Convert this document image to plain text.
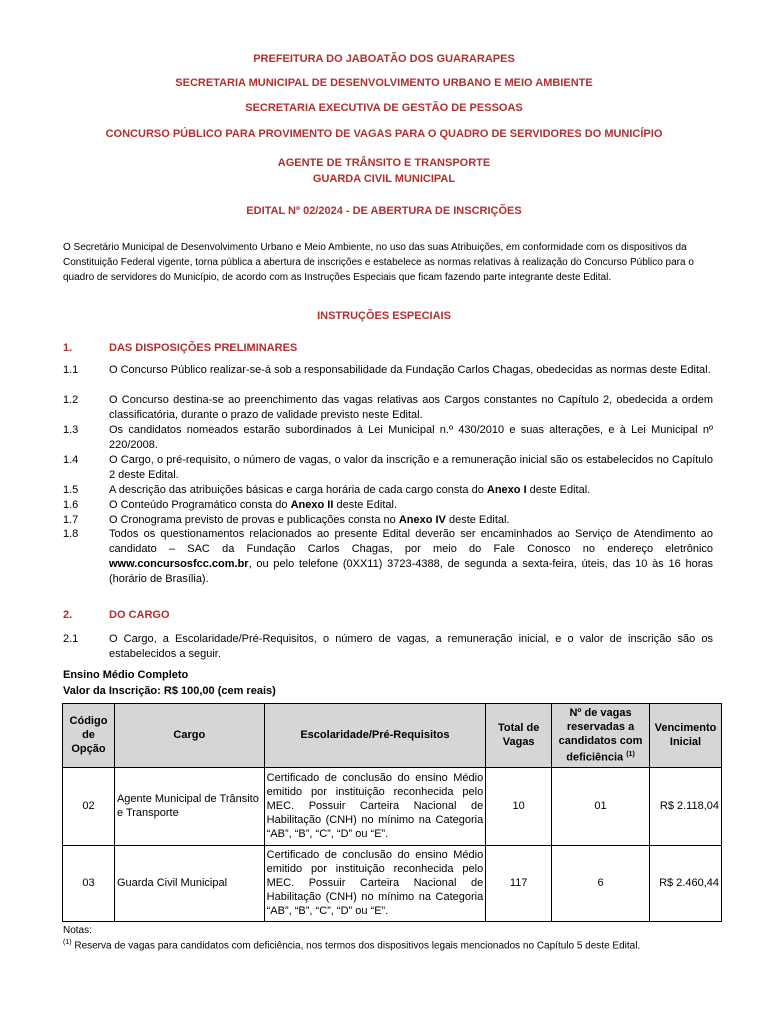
PREFEITURA DO JABOATÃO DOS GUARARAPES
SECRETARIA MUNICIPAL DE DESENVOLVIMENTO URBANO E MEIO AMBIENTE
SECRETARIA EXECUTIVA DE GESTÃO DE PESSOAS
CONCURSO PÚBLICO PARA PROVIMENTO DE VAGAS PARA O QUADRO DE SERVIDORES DO MUNICÍPIO
AGENTE DE TRÂNSITO E TRANSPORTE
GUARDA CIVIL MUNICIPAL
EDITAL Nº 02/2024 - DE ABERTURA DE INSCRIÇÕES
O Secretário Municipal de Desenvolvimento Urbano e Meio Ambiente, no uso das suas Atribuições, em conformidade com os dispositivos da Constituição Federal vigente, torna pública a abertura de inscrições e estabelece as normas relativas à realização do Concurso Público para o quadro de servidores do Município, de acordo com as Instruções Especiais que ficam fazendo parte integrante deste Edital.
INSTRUÇÕES ESPECIAIS
1.	DAS DISPOSIÇÕES PRELIMINARES
1.1	O Concurso Público realizar-se-á sob a responsabilidade da Fundação Carlos Chagas, obedecidas as normas deste Edital.
1.2	O Concurso destina-se ao preenchimento das vagas relativas aos Cargos constantes no Capítulo 2, obedecida a ordem classificatória, durante o prazo de validade previsto neste Edital.
1.3	Os candidatos nomeados estarão subordinados à Lei Municipal n.º 430/2010 e suas alterações, e à Lei Municipal nº 220/2008.
1.4	O Cargo, o pré-requisito, o número de vagas, o valor da inscrição e a remuneração inicial são os estabelecidos no Capítulo 2 deste Edital.
1.5	A descrição das atribuições básicas e carga horária de cada cargo consta do Anexo I deste Edital.
1.6	O Conteúdo Programático consta do Anexo II deste Edital.
1.7	O Cronograma previsto de provas e publicações consta no Anexo IV deste Edital.
1.8	Todos os questionamentos relacionados ao presente Edital deverão ser encaminhados ao Serviço de Atendimento ao candidato – SAC da Fundação Carlos Chagas, por meio do Fale Conosco no endereço eletrônico www.concursosfcc.com.br, ou pelo telefone (0XX11) 3723-4388, de segunda a sexta-feira, úteis, das 10 às 16 horas (horário de Brasília).
2.	DO CARGO
2.1	O Cargo, a Escolaridade/Pré-Requisitos, o número de vagas, a remuneração inicial, e o valor de inscrição são os estabelecidos a seguir.
Ensino Médio Completo
Valor da Inscrição: R$ 100,00 (cem reais)
Código de Opção	Cargo	Escolaridade/Pré-Requisitos	Total de Vagas	Nº de vagas reservadas a candidatos com deficiência $^{(1)}$	Vencimento Inicial
02	Agente Municipal de Trânsito e Transporte	Certificado de conclusão do ensino Médio emitido por instituição reconhecida pelo MEC. Possuir Carteira Nacional de Habilitação (CNH) no mínimo na Categoria “AB”, “B”, “C”, “D” ou “E”.	10	01	R$ 2.118,04
03	Guarda Civil Municipal	Certificado de conclusão do ensino Médio emitido por instituição reconhecida pelo MEC. Possuir Carteira Nacional de Habilitação (CNH) no mínimo na Categoria “AB”, “B”, “C”, “D” ou “E”.	117	6	R$ 2.460,44
Notas:
$^{(1)}$ Reserva de vagas para candidatos com deficiência, nos termos dos dispositivos legais mencionados no Capítulo 5 deste Edital.
